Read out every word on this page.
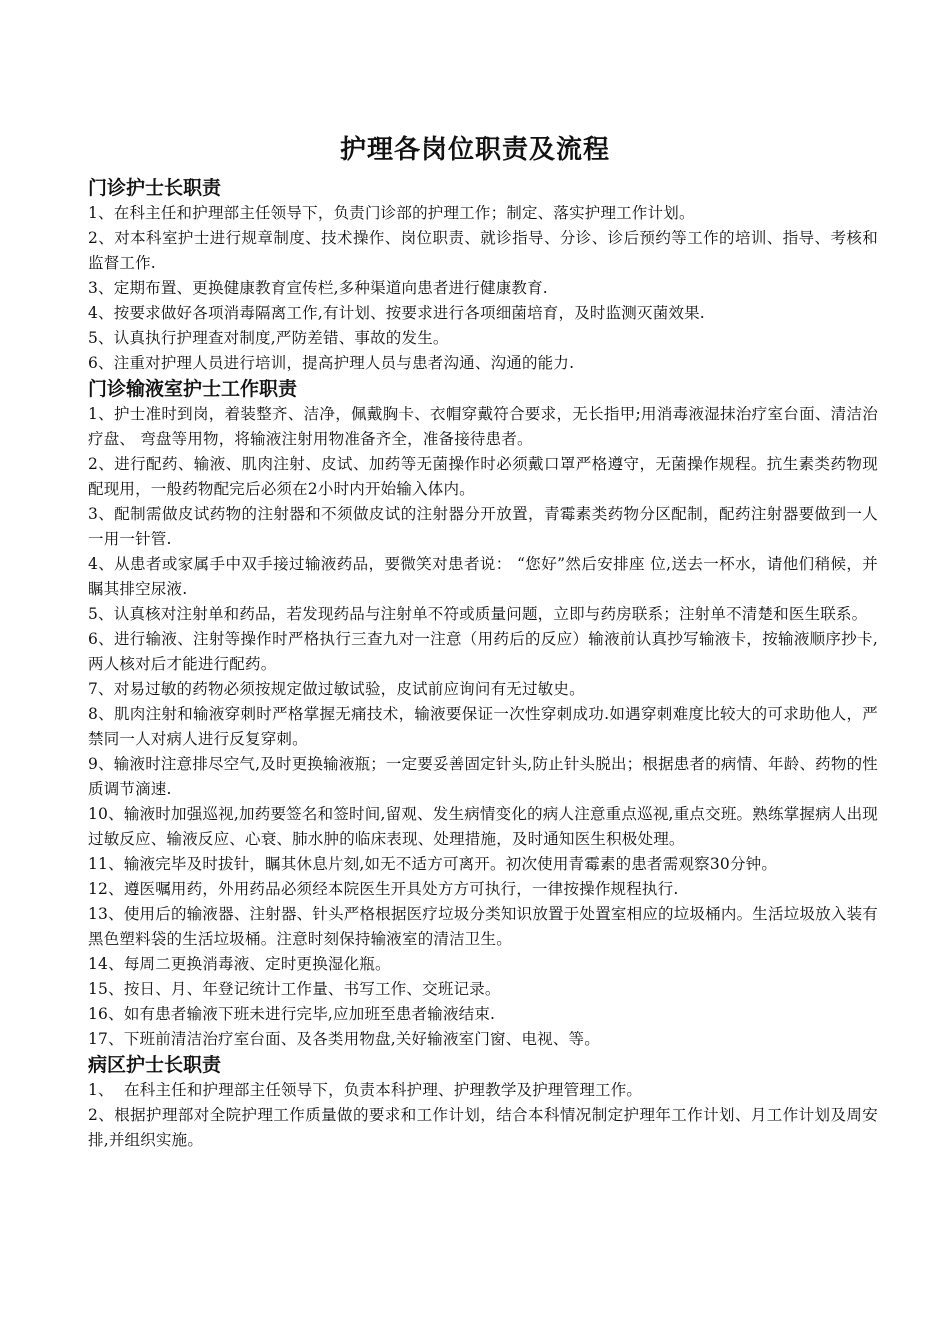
护理各岗位职责及流程
门诊护士长职责

1、在科主任和护理部主任领导下，负责门诊部的护理工作；制定、落实护理工作计划。

2、对本科室护士进行规章制度、技术操作、岗位职责、就诊指导、分诊、诊后预约等工作的培训、指导、考核和监督工作.

3、定期布置、更换健康教育宣传栏,多种渠道向患者进行健康教育.

4、按要求做好各项消毒隔离工作,有计划、按要求进行各项细菌培育，及时监测灭菌效果.

5、认真执行护理查对制度,严防差错、事故的发生。

6、注重对护理人员进行培训，提高护理人员与患者沟通、沟通的能力.

门诊输液室护士工作职责

1、护士准时到岗，着装整齐、洁净，佩戴胸卡、衣帽穿戴符合要求，无长指甲;用消毒液湿抹治疗室台面、清洁治疗盘、 弯盘等用物，将输液注射用物准备齐全，准备接待患者。

2、进行配药、输液、肌肉注射、皮试、加药等无菌操作时必须戴口罩严格遵守，无菌操作规程。抗生素类药物现配现用，一般药物配完后必须在2小时内开始输入体内。

3、配制需做皮试药物的注射器和不须做皮试的注射器分开放置，青霉素类药物分区配制，配药注射器要做到一人一用一针管.

4、从患者或家属手中双手接过输液药品，要微笑对患者说： “您好”然后安排座 位,送去一杯水，请他们稍候，并瞩其排空尿液.

5、认真核对注射单和药品，若发现药品与注射单不符或质量问题，立即与药房联系；注射单不清楚和医生联系。

6、进行输液、注射等操作时严格执行三查九对一注意（用药后的反应）输液前认真抄写输液卡，按输液顺序抄卡,两人核对后才能进行配药。

7、对易过敏的药物必须按规定做过敏试验，皮试前应询问有无过敏史。

8、肌肉注射和输液穿刺时严格掌握无痛技术，输液要保证一次性穿刺成功.如遇穿刺难度比较大的可求助他人，严禁同一人对病人进行反复穿刺。

9、输液时注意排尽空气,及时更换输液瓶；一定要妥善固定针头,防止针头脱出；根据患者的病情、年龄、药物的性质调节滴速.

10、输液时加强巡视,加药要签名和签时间,留观、发生病情变化的病人注意重点巡视,重点交班。熟练掌握病人出现过敏反应、输液反应、心衰、肺水肿的临床表现、处理措施，及时通知医生积极处理。

11、输液完毕及时拔针，瞩其休息片刻,如无不适方可离开。初次使用青霉素的患者需观察30分钟。

12、遵医嘱用药，外用药品必须经本院医生开具处方方可执行，一律按操作规程执行.

13、使用后的输液器、注射器、针头严格根据医疗垃圾分类知识放置于处置室相应的垃圾桶内。生活垃圾放入装有黑色塑料袋的生活垃圾桶。注意时刻保持输液室的清洁卫生。

14、每周二更换消毒液、定时更换湿化瓶。

15、按日、月、年登记统计工作量、书写工作、交班记录。

16、如有患者输液下班未进行完毕,应加班至患者输液结束.

17、下班前清洁治疗室台面、及各类用物盘,关好输液室门窗、电视、等。

病区护士长职责

1、  在科主任和护理部主任领导下，负责本科护理、护理教学及护理管理工作。

2、根据护理部对全院护理工作质量做的要求和工作计划，结合本科情况制定护理年工作计划、月工作计划及周安排,并组织实施。
